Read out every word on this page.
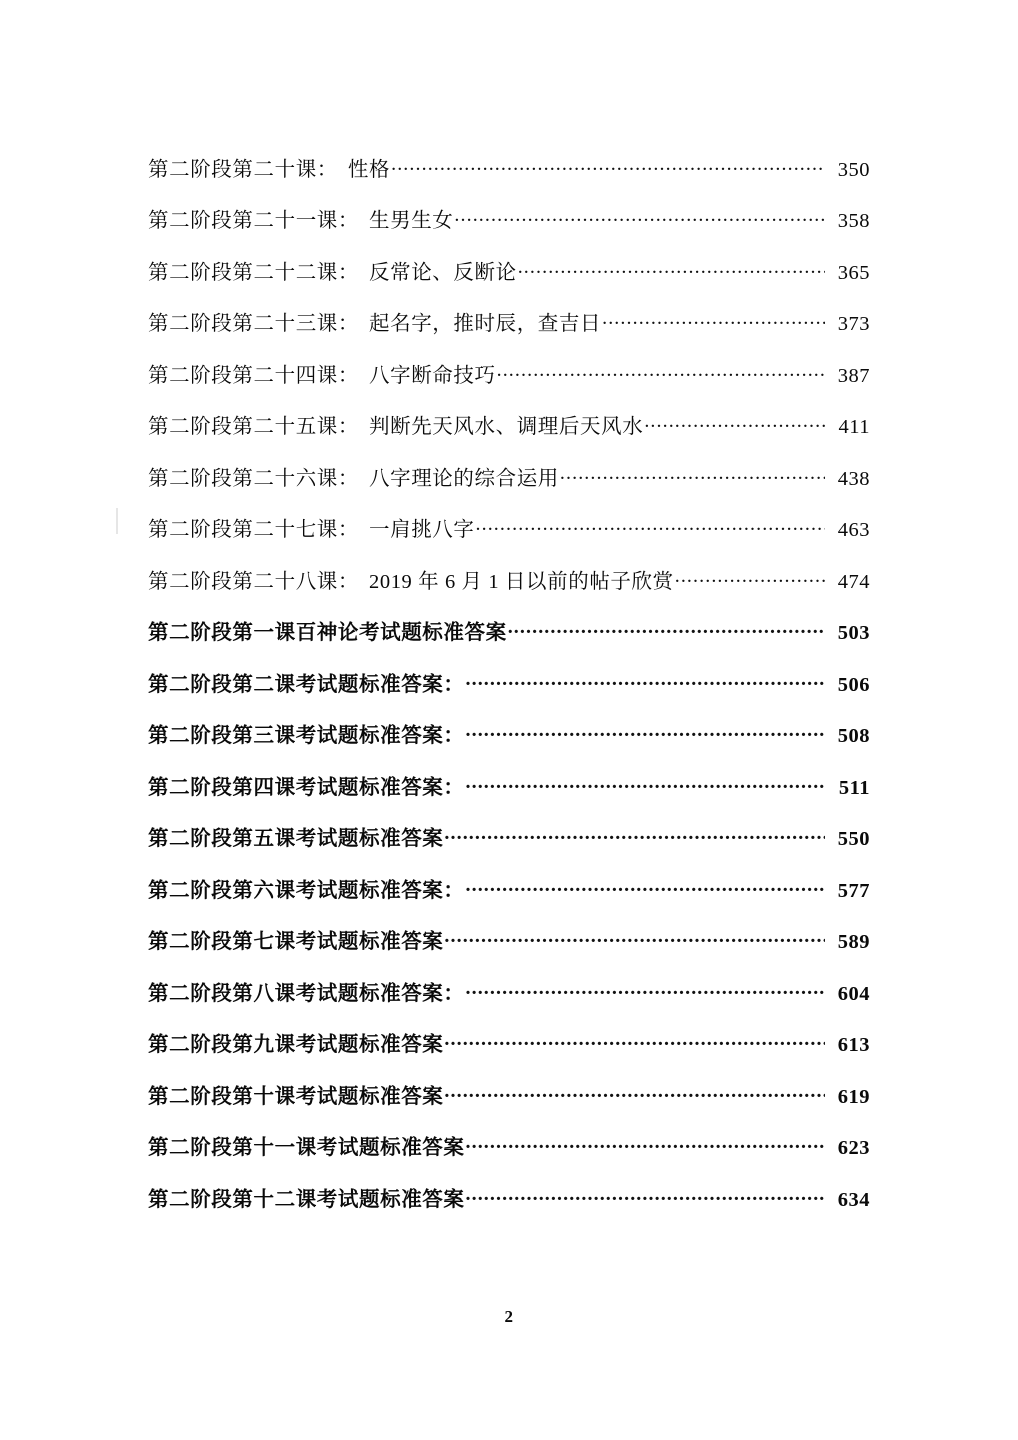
第二阶段第二十课： 性格 .....	350
第二阶段第二十一课： 生男生女 .....	358
第二阶段第二十二课： 反常论、反断论 .....	365
第二阶段第二十三课： 起名字，推时辰，查吉日 .....	373
第二阶段第二十四课： 八字断命技巧 .....	387
第二阶段第二十五课： 判断先天风水、调理后天风水 .....	411
第二阶段第二十六课： 八字理论的综合运用 .....	438
第二阶段第二十七课： 一肩挑八字 .....	463
第二阶段第二十八课： 2019 年 6 月 1 日以前的帖子欣赏 .....	474
第二阶段第一课百神论考试题标准答案 .....	503
第二阶段第二课考试题标准答案： .....	506
第二阶段第三课考试题标准答案： .....	508
第二阶段第四课考试题标准答案： .....	511
第二阶段第五课考试题标准答案 .....	550
第二阶段第六课考试题标准答案： .....	577
第二阶段第七课考试题标准答案 .....	589
第二阶段第八课考试题标准答案： .....	604
第二阶段第九课考试题标准答案 .....	613
第二阶段第十课考试题标准答案 .....	619
第二阶段第十一课考试题标准答案 .....	623
第二阶段第十二课考试题标准答案 .....	634
2
